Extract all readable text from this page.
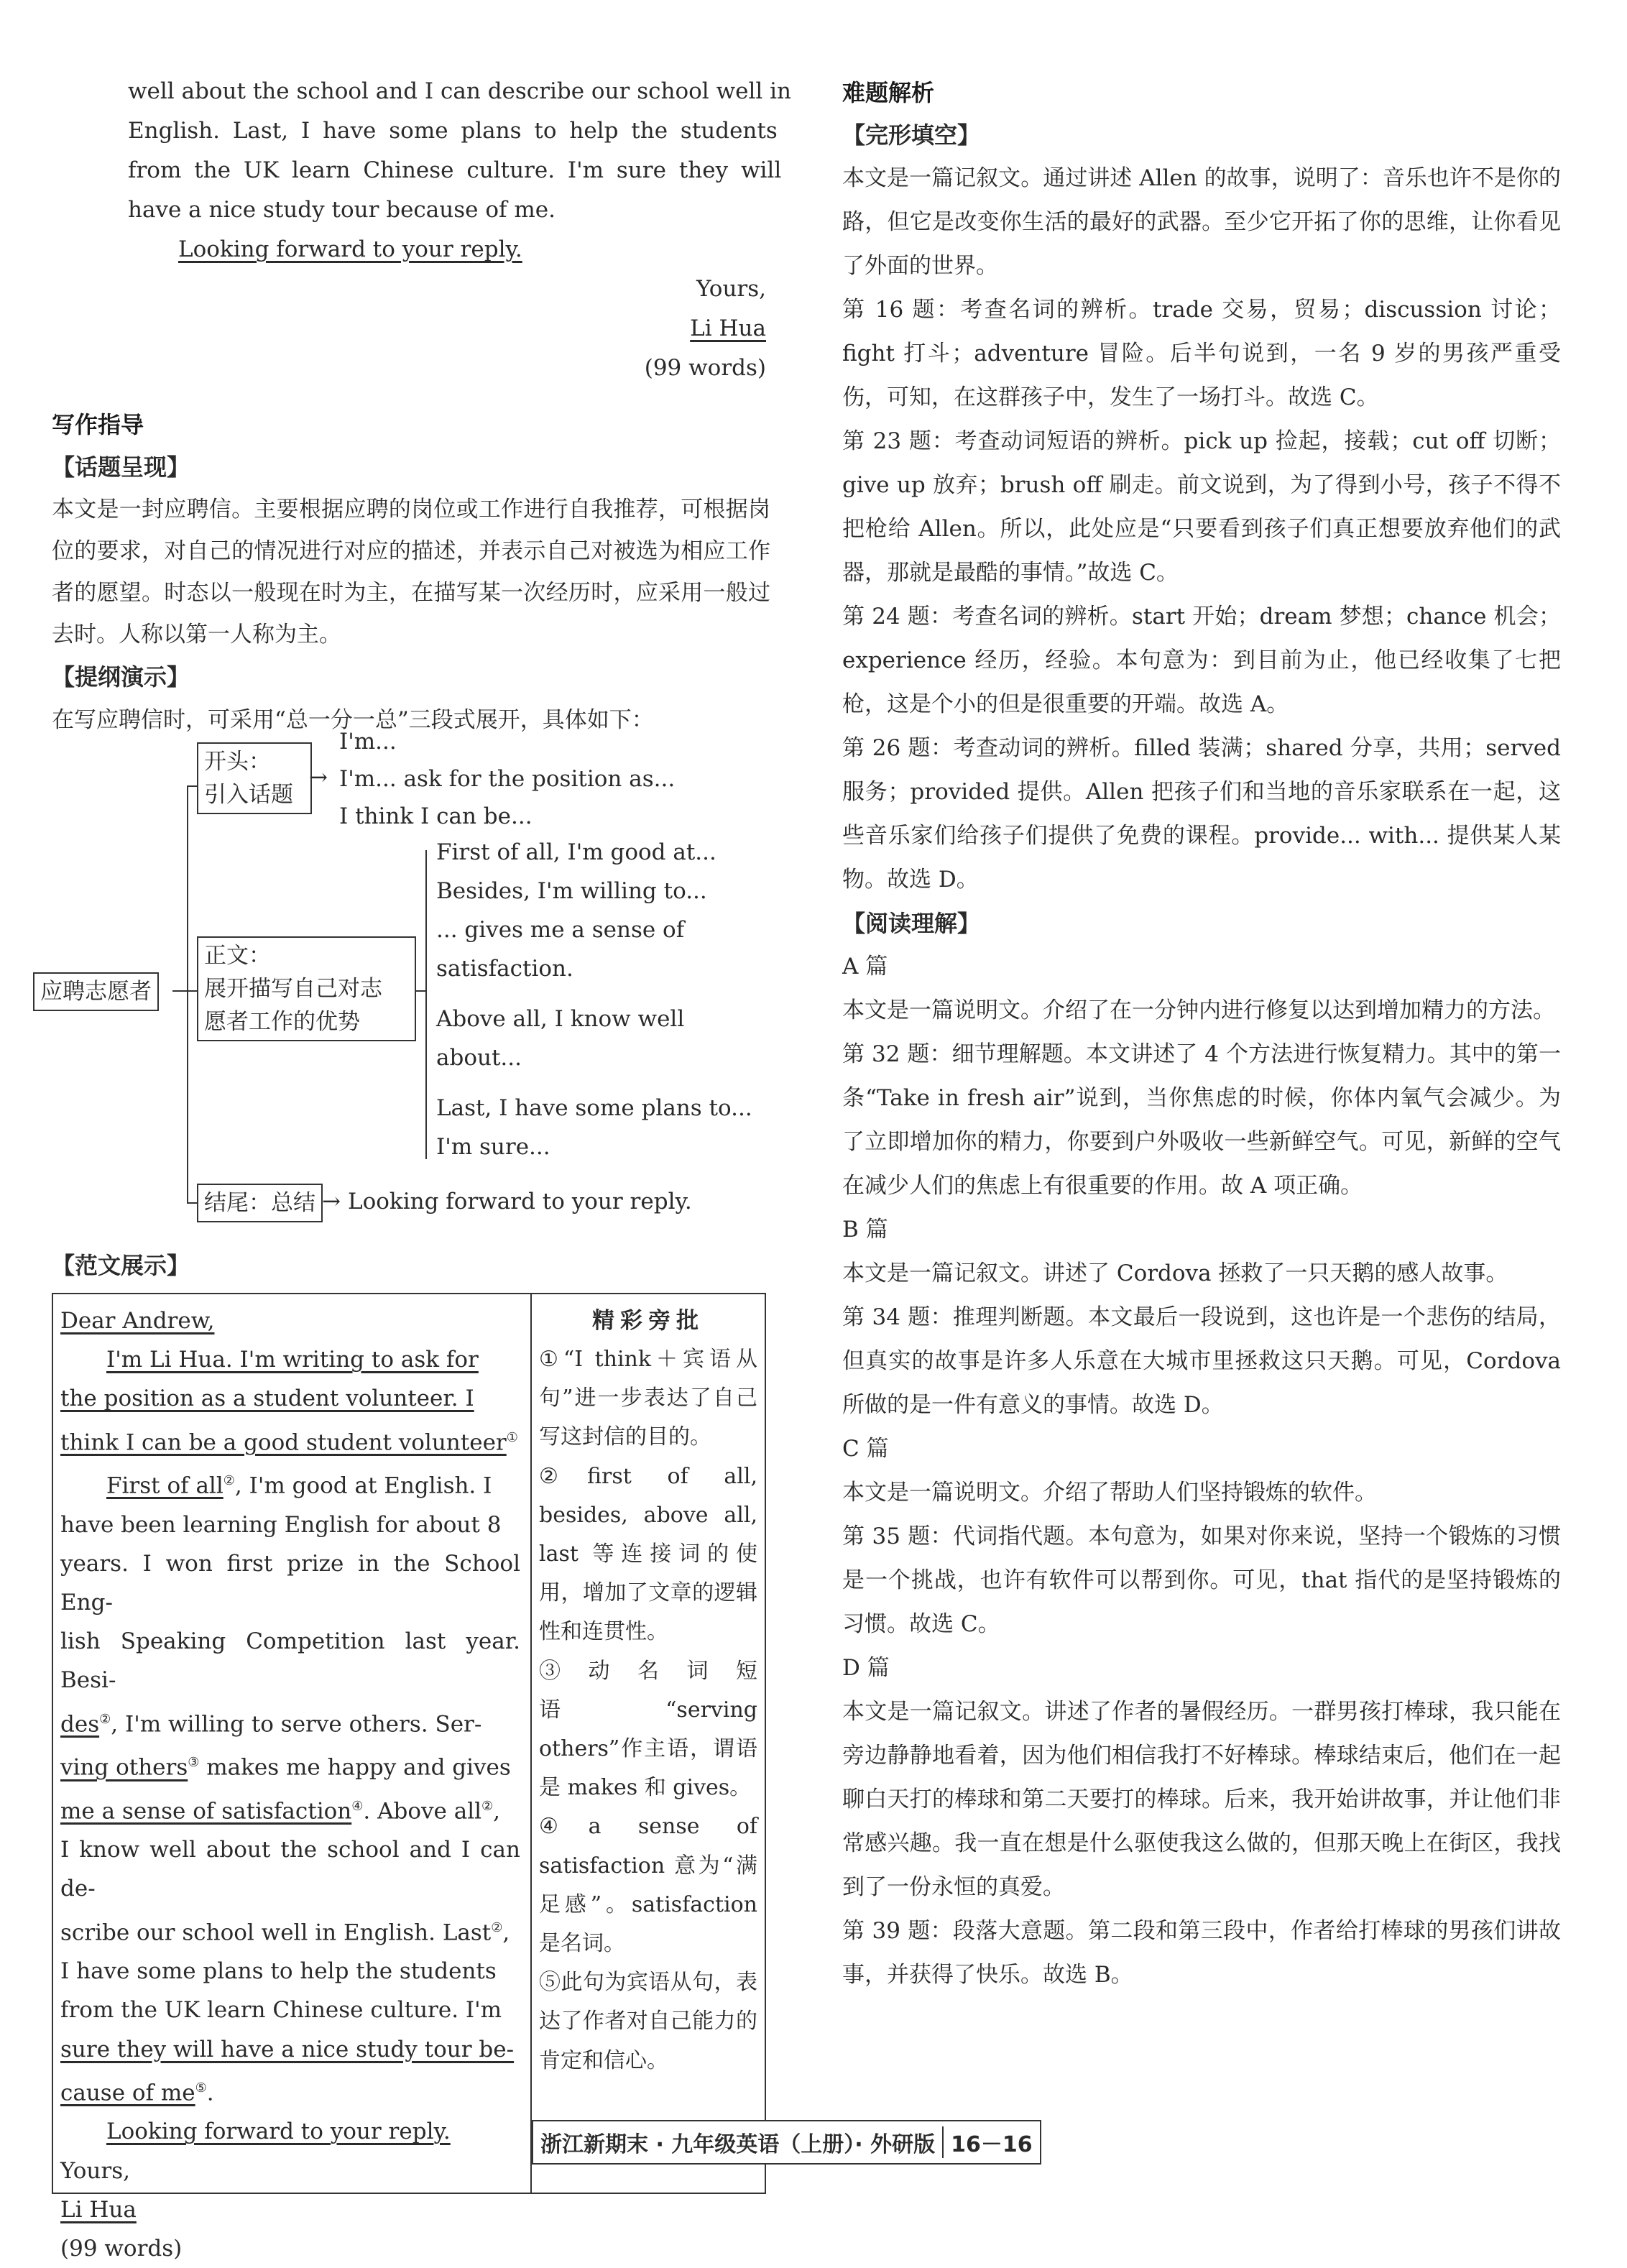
well about the school and I can describe our school well in

English. Last, I have some plans to help the students

from the UK learn Chinese culture. I'm sure they will

have a nice study tour because of me.

Looking forward to your reply.

Yours,

Li Hua

(99 words)

写作指导
【话题呈现】

本文是一封应聘信。主要根据应聘的岗位或工作进行自我推荐，可根据岗位的要求，对自己的情况进行对应的描述，并表示自己对被选为相应工作者的愿望。时态以一般现在时为主，在描写某一次经历时，应采用一般过去时。人称以第一人称为主。

【提纲演示】

在写应聘信时，可采用“总一分一总”三段式展开，具体如下：

应聘志愿者
开头：
引入话题
→
I'm...
I'm... ask for the position as...
I think I can be...
正文：
展开描写自己对志
愿者工作的优势
First of all, I'm good at...
Besides, I'm willing to...
... gives me a sense of
satisfaction.
Above all, I know well
about...
Last, I have some plans to...
I'm sure...
结尾：总结 → Looking forward to your reply.
【范文展示】

Dear Andrew,

I'm Li Hua. I'm writing to ask for

the position as a student volunteer. I

think I can be a good student volunteer①

First of all②, I'm good at English. I

have been learning English for about 8

years. I won first prize in the School Eng-

lish Speaking Competition last year. Besi-

des②, I'm willing to serve others. Ser-

ving others③ makes me happy and gives

me a sense of satisfaction④. Above all②,

I know well about the school and I can de-

scribe our school well in English. Last②,

I have some plans to help the students

from the UK learn Chinese culture. I'm

sure they will have a nice study tour be-

cause of me⑤.

Looking forward to your reply.

Yours,

Li Hua

(99 words)

精彩旁批

①“I think＋宾语从句”进一步表达了自己写这封信的目的。

②first of all, besides, above all, last 等连接词的使用，增加了文章的逻辑性和连贯性。

③动名词短语“serving others”作主语，谓语是 makes 和 gives。

④a sense of satisfaction 意为“满足感”。satisfaction 是名词。

⑤此句为宾语从句，表达了作者对自己能力的肯定和信心。

难题解析
【完形填空】

本文是一篇记叙文。通过讲述 Allen 的故事，说明了：音乐也许不是你的路，但它是改变你生活的最好的武器。至少它开拓了你的思维，让你看见了外面的世界。

第 16 题：考查名词的辨析。trade 交易，贸易；discussion 讨论；fight 打斗；adventure 冒险。后半句说到，一名 9 岁的男孩严重受伤，可知，在这群孩子中，发生了一场打斗。故选 C。

第 23 题：考查动词短语的辨析。pick up 捡起，接载；cut off 切断；give up 放弃；brush off 刷走。前文说到，为了得到小号，孩子不得不把枪给 Allen。所以，此处应是“只要看到孩子们真正想要放弃他们的武器，那就是最酷的事情。”故选 C。

第 24 题：考查名词的辨析。start 开始；dream 梦想；chance 机会；experience 经历，经验。本句意为：到目前为止，他已经收集了七把枪，这是个小的但是很重要的开端。故选 A。

第 26 题：考查动词的辨析。filled 装满；shared 分享，共用；served 服务；provided 提供。Allen 把孩子们和当地的音乐家联系在一起，这些音乐家们给孩子们提供了免费的课程。provide... with... 提供某人某物。故选 D。

【阅读理解】

A 篇

本文是一篇说明文。介绍了在一分钟内进行修复以达到增加精力的方法。

第 32 题：细节理解题。本文讲述了 4 个方法进行恢复精力。其中的第一条“Take in fresh air”说到，当你焦虑的时候，你体内氧气会减少。为了立即增加你的精力，你要到户外吸收一些新鲜空气。可见，新鲜的空气在减少人们的焦虑上有很重要的作用。故 A 项正确。

B 篇

本文是一篇记叙文。讲述了 Cordova 拯救了一只天鹅的感人故事。

第 34 题：推理判断题。本文最后一段说到，这也许是一个悲伤的结局，但真实的故事是许多人乐意在大城市里拯救这只天鹅。可见，Cordova 所做的是一件有意义的事情。故选 D。

C 篇

本文是一篇说明文。介绍了帮助人们坚持锻炼的软件。

第 35 题：代词指代题。本句意为，如果对你来说，坚持一个锻炼的习惯是一个挑战，也许有软件可以帮到你。可见，that 指代的是坚持锻炼的习惯。故选 C。

D 篇

本文是一篇记叙文。讲述了作者的暑假经历。一群男孩打棒球，我只能在旁边静静地看着，因为他们相信我打不好棒球。棒球结束后，他们在一起聊白天打的棒球和第二天要打的棒球。后来，我开始讲故事，并让他们非常感兴趣。我一直在想是什么驱使我这么做的，但那天晚上在街区，我找到了一份永恒的真爱。

第 39 题：段落大意题。第二段和第三段中，作者给打棒球的男孩们讲故事，并获得了快乐。故选 B。

浙江新期末 · 九年级英语（上册）· 外研版 16－16
